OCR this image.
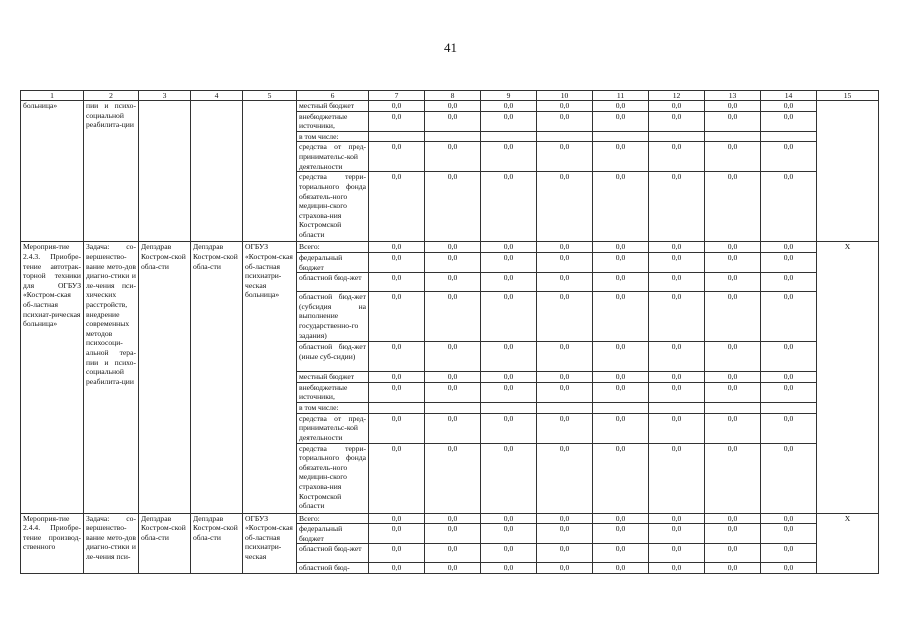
41
1	2	3	4	5	6	7	8	9	10	11	12	13	14	15
больница»	пии и психо-социальной реабилита-ции				местный бюджет	0,0	0,0	0,0	0,0	0,0	0,0	0,0	0,0	
					внебюджетные источники,	0,0	0,0	0,0	0,0	0,0	0,0	0,0	0,0	
					в том числе:									
					средства от пред-принимательс-кой деятельности	0,0	0,0	0,0	0,0	0,0	0,0	0,0	0,0	
					средства терри-ториального фонда обязатель-ного медицин-ского страхова-ния Костромской области	0,0	0,0	0,0	0,0	0,0	0,0	0,0	0,0	
Мероприя-тие 2.4.3. Приобре-тение автотрак-торной техники для ОГБУЗ «Костром-ская об-ластная психиат-рическая больница»	Задача: со-вершенство-вание мето-дов диагно-стики и ле-чения пси-хических расстройств, внедрение современных методов психосоци-альной тера-пии и психо-социальной реабилита-ции	Депздрав Костром-ской обла-сти	Депздрав Костром-ской обла-сти	ОГБУЗ «Костром-ская об-ластная психиатри-ческая больница»	Всего:	0,0	0,0	0,0	0,0	0,0	0,0	0,0	0,0	X
					федеральный бюджет	0,0	0,0	0,0	0,0	0,0	0,0	0,0	0,0	
					областной бюд-жет	0,0	0,0	0,0	0,0	0,0	0,0	0,0	0,0	
					областной бюд-жет (субсидия на выполнение государственно-го задания)	0,0	0,0	0,0	0,0	0,0	0,0	0,0	0,0	
					областной бюд-жет (иные суб-сидии)	0,0	0,0	0,0	0,0	0,0	0,0	0,0	0,0	
					местный бюджет	0,0	0,0	0,0	0,0	0,0	0,0	0,0	0,0	
					внебюджетные источники,	0,0	0,0	0,0	0,0	0,0	0,0	0,0	0,0	
					в том числе:									
					средства от пред-принимательс-кой деятельности	0,0	0,0	0,0	0,0	0,0	0,0	0,0	0,0	
					средства терри-ториального фонда обязатель-ного медицин-ского страхова-ния Костромской области	0,0	0,0	0,0	0,0	0,0	0,0	0,0	0,0	
Мероприя-тие 2.4.4. Приобре-тение производ-ственного	Задача: со-вершенство-вание мето-дов диагно-стики и ле-чения пси-	Депздрав Костром-ской обла-сти	Депздрав Костром-ской обла-сти	ОГБУЗ «Костром-ская об-ластная психиатри-ческая	Всего:	0,0	0,0	0,0	0,0	0,0	0,0	0,0	0,0	X
					федеральный бюджет	0,0	0,0	0,0	0,0	0,0	0,0	0,0	0,0	
					областной бюд-жет	0,0	0,0	0,0	0,0	0,0	0,0	0,0	0,0	
					областной бюд-	0,0	0,0	0,0	0,0	0,0	0,0	0,0	0,0	
